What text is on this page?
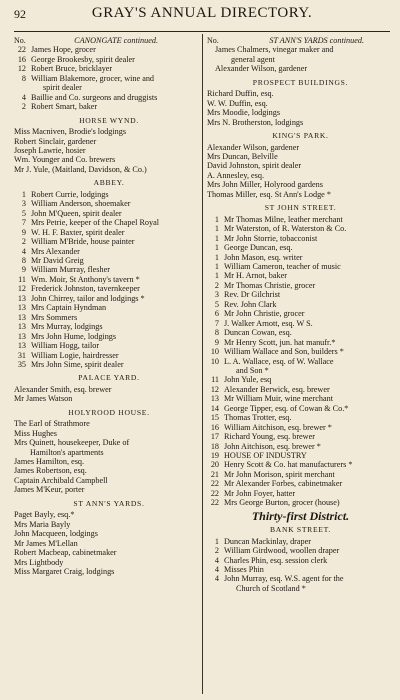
92	GRAY'S ANNUAL DIRECTORY.
No.	CANONGATE continued.
22 James Hope, grocer
16 George Brookesby, spirit dealer
12 Robert Bruce, bricklayer
8 William Blakemore, grocer, wine and
spirit dealer
4 Baillie and Co. surgeons and druggists
2 Robert Smart, baker
HORSE WYND.
Miss Macniven, Brodie's lodgings
Robert Sinclair, gardener
Joseph Lawrie, hosier
Wm. Younger and Co. brewers
Mr J. Yule, (Maitland, Davidson, & Co.)
ABBEY.
1 Robert Currie, lodgings
3 William Anderson, shoemaker
5 John M'Queen, spirit dealer
7 Mrs Petrie, keeper of the Chapel Royal
9 W. H. F. Baxter, spirit dealer
2 William M'Bride, house painter
4 Mrs Alexander
8 Mr David Greig
9 William Murray, flesher
11 Wm. Moir, St Anthony's tavern *
12 Frederick Johnston, tavernkeeper
13 John Chirrey, tailor and lodgings *
13 Mrs Captain Hyndman
13 Mrs Sommers
13 Mrs Murray, lodgings
13 Mrs John Hume, lodgings
13 William Hogg, tailor
31 William Logie, hairdresser
35 Mrs John Sime, spirit dealer
PALACE YARD.
Alexander Smith, esq. brewer
Mr James Watson
HOLYROOD HOUSE.
The Earl of Strathmore
Miss Hughes
Mrs Quinett, housekeeper, Duke of
Hamilton's apartments
James Hamilton, esq.
James Robertson, esq.
Captain Archibald Campbell
James M'Keur, porter
ST ANN'S YARDS.
Paget Bayly, esq.*
Mrs Maria Bayly
John Macqueen, lodgings
Mr James M'Lellan
Robert Macbeap, cabinetmaker
Mrs Lightbody
Miss Margaret Craig, lodgings
No.	ST ANN'S YARDS continued.
James Chalmers, vinegar maker and
general agent
Alexander Wilson, gardener
PROSPECT BUILDINGS.
Richard Duffin, esq.
W. W. Duffin, esq.
Mrs Moodie, lodgings
Mrs N. Brotherston, lodgings
KING'S PARK.
Alexander Wilson, gardener
Mrs Duncan, Belville
David Johnston, spirit dealer
A. Annesley, esq.
Mrs John Miller, Holyrood gardens
Thomas Miller, esq. St Ann's Lodge *
ST JOHN STREET.
1 Mr Thomas Milne, leather merchant
1 Mr Waterston, of R. Waterston & Co.
1 Mr John Storrie, tobacconist
1 George Duncan, esq.
1 John Mason, esq. writer
1 William Cameron, teacher of music
1 Mr H. Arnot, baker
2 Mr Thomas Christie, grocer
3 Rev. Dr Gilchrist
5 Rev. John Clark
6 Mr John Christie, grocer
7 J. Walker Arnott, esq. W S.
8 Duncan Cowan, esq.
9 Mr Henry Scott, jun. hat manufr.*
10 William Wallace and Son, builders *
10 L. A. Wallace, esq. of W. Wallace
and Son *
11 John Yule, esq
12 Alexander Berwick, esq. brewer
13 Mr William Muir, wine merchant
14 George Tipper, esq. of Cowan & Co.*
15 Thomas Trotter, esq.
16 William Aitchison, esq. brewer *
17 Richard Young, esq. brewer
18 John Aitchison, esq. brewer *
19 HOUSE OF INDUSTRY
20 Henry Scott & Co. hat manufacturers *
21 Mr John Morison, spirit merchant
22 Mr Alexander Forbes, cabinetmaker
22 Mr John Foyer, hatter
22 Mrs George Burton, grocer (house)
Thirty-first District.
BANK STREET.
1 Duncan Mackinlay, draper
2 William Girdwood, woollen draper
4 Charles Phin, esq. session clerk
4 Misses Phin
4 John Murray, esq. W.S. agent for the
Church of Scotland *
